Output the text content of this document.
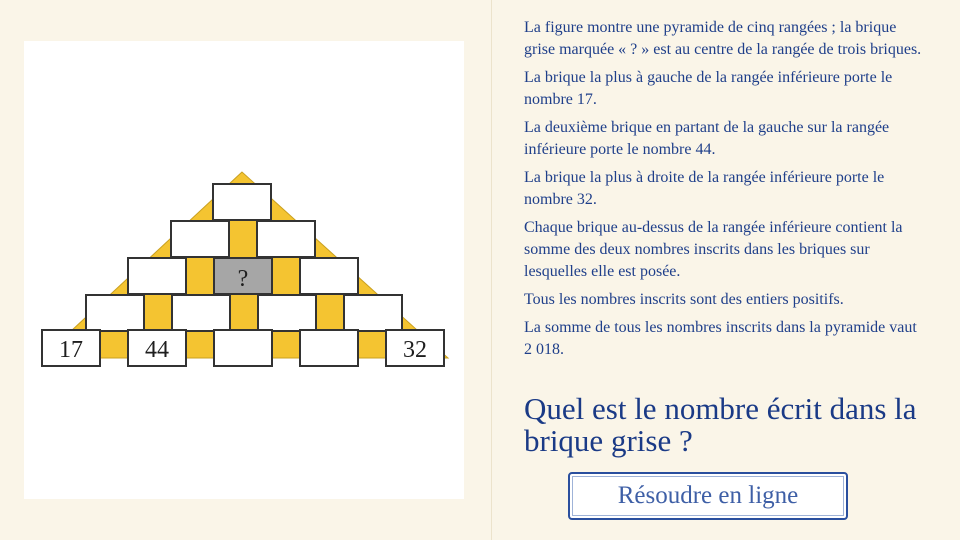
?
17	44	32

La figure montre une pyramide de cinq rangées ; la brique grise marquée « ? » est au centre de la rangée de trois briques.

La brique la plus à gauche de la rangée inférieure porte le nombre 17.

La deuxième brique en partant de la gauche sur la rangée inférieure porte le nombre 44.

La brique la plus à droite de la rangée inférieure porte le nombre 32.

Chaque brique au-dessus de la rangée inférieure contient la somme des deux nombres inscrits dans les briques sur lesquelles elle est posée.

Tous les nombres inscrits sont des entiers positifs.

La somme de tous les nombres inscrits dans la pyramide vaut 2 018.

Quel est le nombre écrit dans la brique grise ?
Résoudre en ligne
